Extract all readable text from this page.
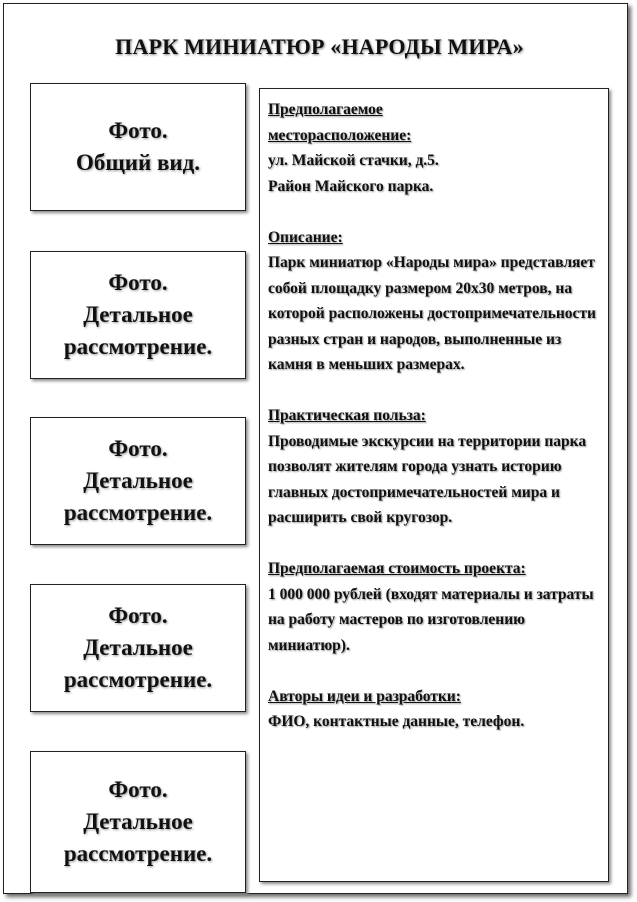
ПАРК МИНИАТЮР «НАРОДЫ МИРА»
Фото.
Общий вид.
Фото.
Детальное
рассмотрение.
Фото.
Детальное
рассмотрение.
Фото.
Детальное
рассмотрение.
Фото.
Детальное
рассмотрение.
Предполагаемое
месторасположение:
ул. Майской стачки, д.5.
Район Майского парка.
Описание:
Парк миниатюр «Народы мира» представляет собой площадку размером 20х30 метров, на которой расположены достопримечательности разных стран и народов, выполненные из камня в меньших размерах.
Практическая польза:
Проводимые экскурсии на территории парка позволят жителям города узнать историю главных достопримечательностей мира и расширить свой кругозор.
Предполагаемая стоимость проекта:
1 000 000 рублей (входят материалы и затраты на работу мастеров по изготовлению миниатюр).
Авторы идеи и разработки:
ФИО, контактные данные, телефон.
